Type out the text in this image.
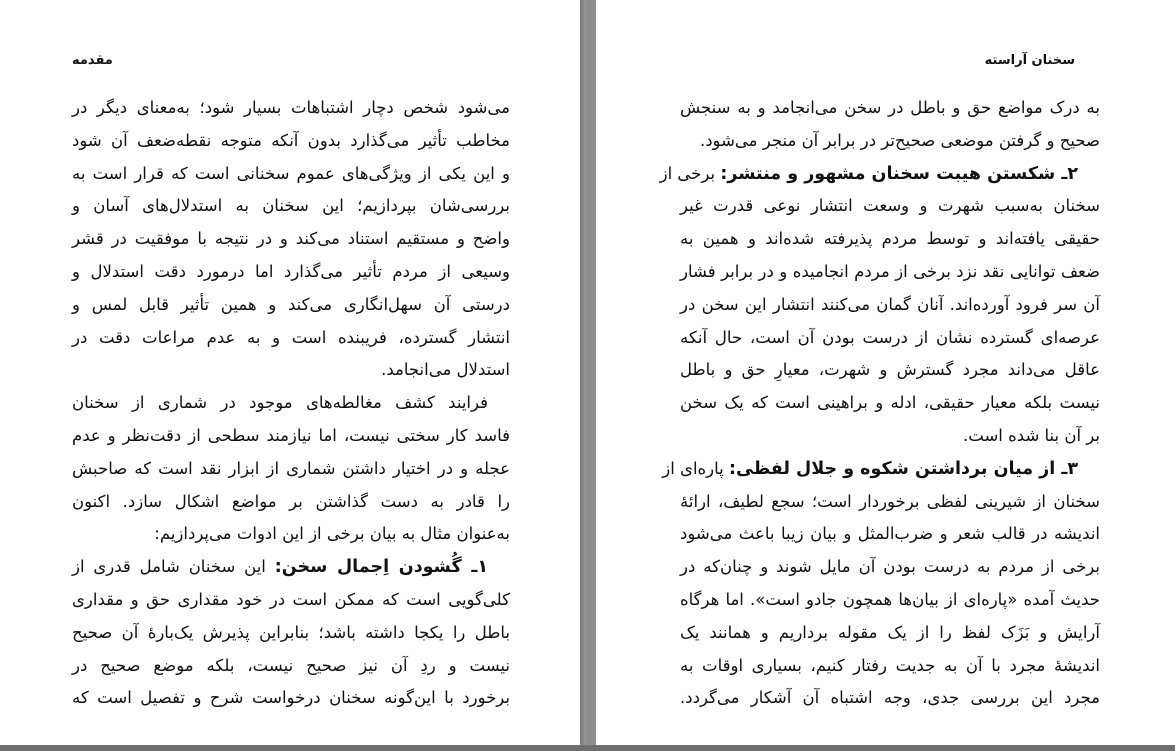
مقدمه
می‌شود شخص دچار اشتباهات بسیار شود؛ به‌معنای دیگر در
مخاطب تأثیر می‌گذارد بدون آنکه متوجه نقطه‌ضعف آن شود
و این یکی از ویژگی‌های عموم سخنانی است که قرار است به
بررسی‌شان بپردازیم؛ این سخنان به استدلال‌های آسان و
واضح و مستقیم استناد می‌کند و در نتیجه با موفقیت در قشر
وسیعی از مردم تأثیر می‌گذارد اما درمورد دقت استدلال و
درستی آن سهل‌انگاری می‌کند و همین تأثیر قابل لمس و
انتشار گسترده، فریبنده است و به عدم مراعات دقت در
استدلال می‌انجامد.
فرایند کشف مغالطه‌های موجود در شماری از سخنان
فاسد کار سختی نیست، اما نیازمند سطحی از دقت‌نظر و عدم
عجله و در اختیار داشتن شماری از ابزار نقد است که صاحبش
را قادر به دست گذاشتن بر مواضع اشکال سازد. اکنون
به‌عنوان مثال به بیان برخی از این ادوات می‌پردازیم:
۱ـ گُشودن اِجمال سخن: این سخنان شامل قدری از
کلی‌گویی است که ممکن است در خود مقداری حق و مقداری
باطل را یکجا داشته باشد؛ بنابراین پذیرش یک‌بارهٔ آن صحیح
نیست و ردِ آن نیز صحیح نیست، بلکه موضع صحیح در
برخورد با این‌گونه سخنان درخواست شرح و تفصیل است که
سخنان آراسته
به درک مواضع حق و باطل در سخن می‌انجامد و به سنجش
صحیح و گرفتن موضعی صحیح‌تر در برابر آن منجر می‌شود.
۲ـ شکستن هیبت سخنان مشهور و منتشر: برخی از
سخنان به‌سبب شهرت و وسعت انتشار نوعی قدرت غیر
حقیقی یافته‌اند و توسط مردم پذیرفته شده‌اند و همین به
ضعف توانایی نقد نزد برخی از مردم انجامیده و در برابر فشار
آن سر فرود آورده‌اند. آنان گمان می‌کنند انتشار این سخن در
عرصه‌ای گسترده نشان از درست بودن آن است، حال آنکه
عاقل می‌داند مجرد گسترش و شهرت، معیارِ حق و باطل
نیست بلکه معیار حقیقی، ادله و براهینی است که یک سخن
بر آن بنا شده است.
۳ـ از میان برداشتن شکوه و جلال لفظی: پاره‌ای از
سخنان از شیرینی لفظی برخوردار است؛ سجع لطیف، ارائهٔ
اندیشه در قالب شعر و ضرب‌المثل و بیان زیبا باعث می‌شود
برخی از مردم به درست بودن آن مایل شوند و چنان‌که در
حدیث آمده «پاره‌ای از بیان‌ها همچون جادو است». اما هرگاه
آرایش و بَزَک لفظ را از یک مقوله برداریم و همانند یک
اندیشهٔ مجرد با آن به جدیت رفتار کنیم، بسیاری اوقات به
مجرد این بررسی جدی، وجه اشتباه آن آشکار می‌گردد.
